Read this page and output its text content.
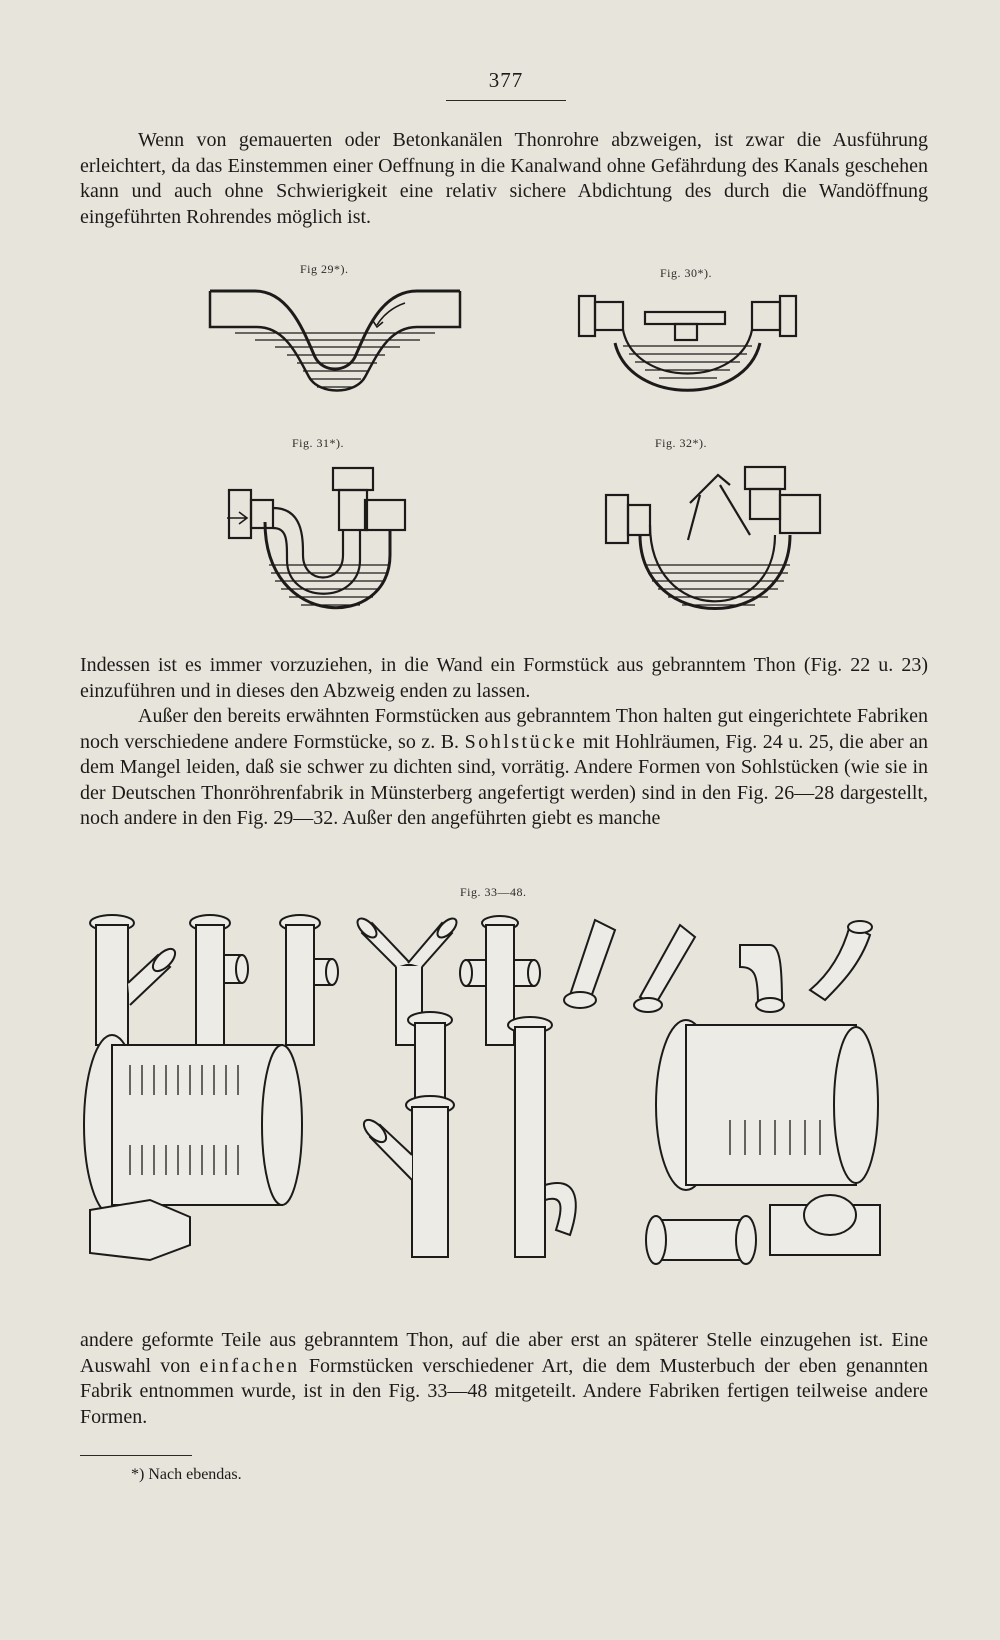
377

Wenn von gemauerten oder Betonkanälen Thonrohre abzweigen, ist zwar die Ausführung erleichtert, da das Einstemmen einer Oeffnung in die Kanalwand ohne Gefährdung des Kanals geschehen kann und auch ohne Schwierigkeit eine relativ sichere Abdichtung des durch die Wandöffnung eingeführten Rohrendes möglich ist.

Fig 29*).	Fig. 30*).
Fig. 31*).	Fig. 32*).

Indessen ist es immer vorzuziehen, in die Wand ein Formstück aus gebranntem Thon (Fig. 22 u. 23) einzuführen und in dieses den Abzweig enden zu lassen.

Außer den bereits erwähnten Formstücken aus gebranntem Thon halten gut eingerichtete Fabriken noch verschiedene andere Formstücke, so z. B. Sohlstücke mit Hohlräumen, Fig. 24 u. 25, die aber an dem Mangel leiden, daß sie schwer zu dichten sind, vorrätig. Andere Formen von Sohlstücken (wie sie in der Deutschen Thonröhrenfabrik in Münsterberg angefertigt werden) sind in den Fig. 26—28 dargestellt, noch andere in den Fig. 29—32. Außer den angeführten giebt es manche

Fig. 33—48.

andere geformte Teile aus gebranntem Thon, auf die aber erst an späterer Stelle einzugehen ist. Eine Auswahl von einfachen Formstücken verschiedener Art, die dem Musterbuch der eben genannten Fabrik entnommen wurde, ist in den Fig. 33—48 mitgeteilt. Andere Fabriken fertigen teilweise andere Formen.

*) Nach ebendas.
